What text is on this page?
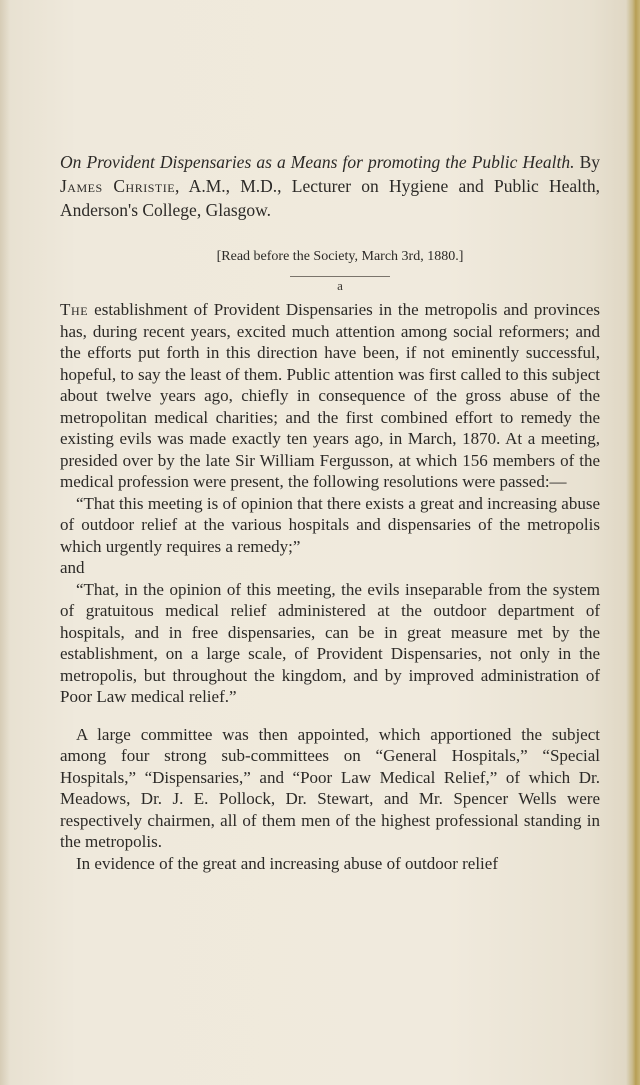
On Provident Dispensaries as a Means for promoting the Public Health. By James Christie, A.M., M.D., Lecturer on Hygiene and Public Health, Anderson's College, Glasgow.

[Read before the Society, March 3rd, 1880.]

a

The establishment of Provident Dispensaries in the metropolis and provinces has, during recent years, excited much attention among social reformers; and the efforts put forth in this direction have been, if not eminently successful, hopeful, to say the least of them. Public attention was first called to this subject about twelve years ago, chiefly in consequence of the gross abuse of the metropolitan medical charities; and the first combined effort to remedy the existing evils was made exactly ten years ago, in March, 1870. At a meeting, presided over by the late Sir William Fergusson, at which 156 members of the medical profession were present, the following resolutions were passed:—

“That this meeting is of opinion that there exists a great and increasing abuse of outdoor relief at the various hospitals and dispensaries of the metropolis which urgently requires a remedy;”

and

“That, in the opinion of this meeting, the evils inseparable from the system of gratuitous medical relief administered at the outdoor department of hospitals, and in free dispensaries, can be in great measure met by the establishment, on a large scale, of Provident Dispensaries, not only in the metropolis, but throughout the kingdom, and by improved administration of Poor Law medical relief.”

A large committee was then appointed, which apportioned the subject among four strong sub-committees on “General Hospitals,” “Special Hospitals,” “Dispensaries,” and “Poor Law Medical Relief,” of which Dr. Meadows, Dr. J. E. Pollock, Dr. Stewart, and Mr. Spencer Wells were respectively chairmen, all of them men of the highest professional standing in the metropolis.

In evidence of the great and increasing abuse of outdoor relief
